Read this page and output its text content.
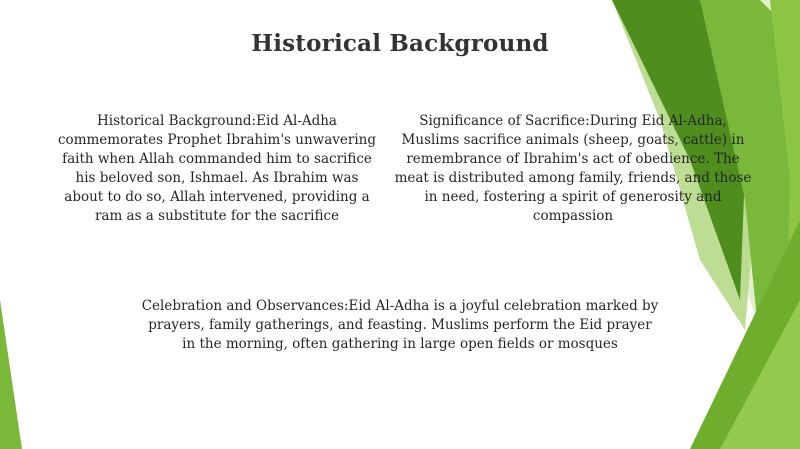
Historical Background
Historical Background:Eid Al-Adha commemorates Prophet Ibrahim's unwavering faith when Allah commanded him to sacrifice his beloved son, Ishmael. As Ibrahim was about to do so, Allah intervened, providing a ram as a substitute for the sacrifice
Significance of Sacrifice:During Eid Al-Adha, Muslims sacrifice animals (sheep, goats, cattle) in remembrance of Ibrahim's act of obedience. The meat is distributed among family, friends, and those in need, fostering a spirit of generosity and compassion
Celebration and Observances:Eid Al-Adha is a joyful celebration marked by prayers, family gatherings, and feasting. Muslims perform the Eid prayer in the morning, often gathering in large open fields or mosques
